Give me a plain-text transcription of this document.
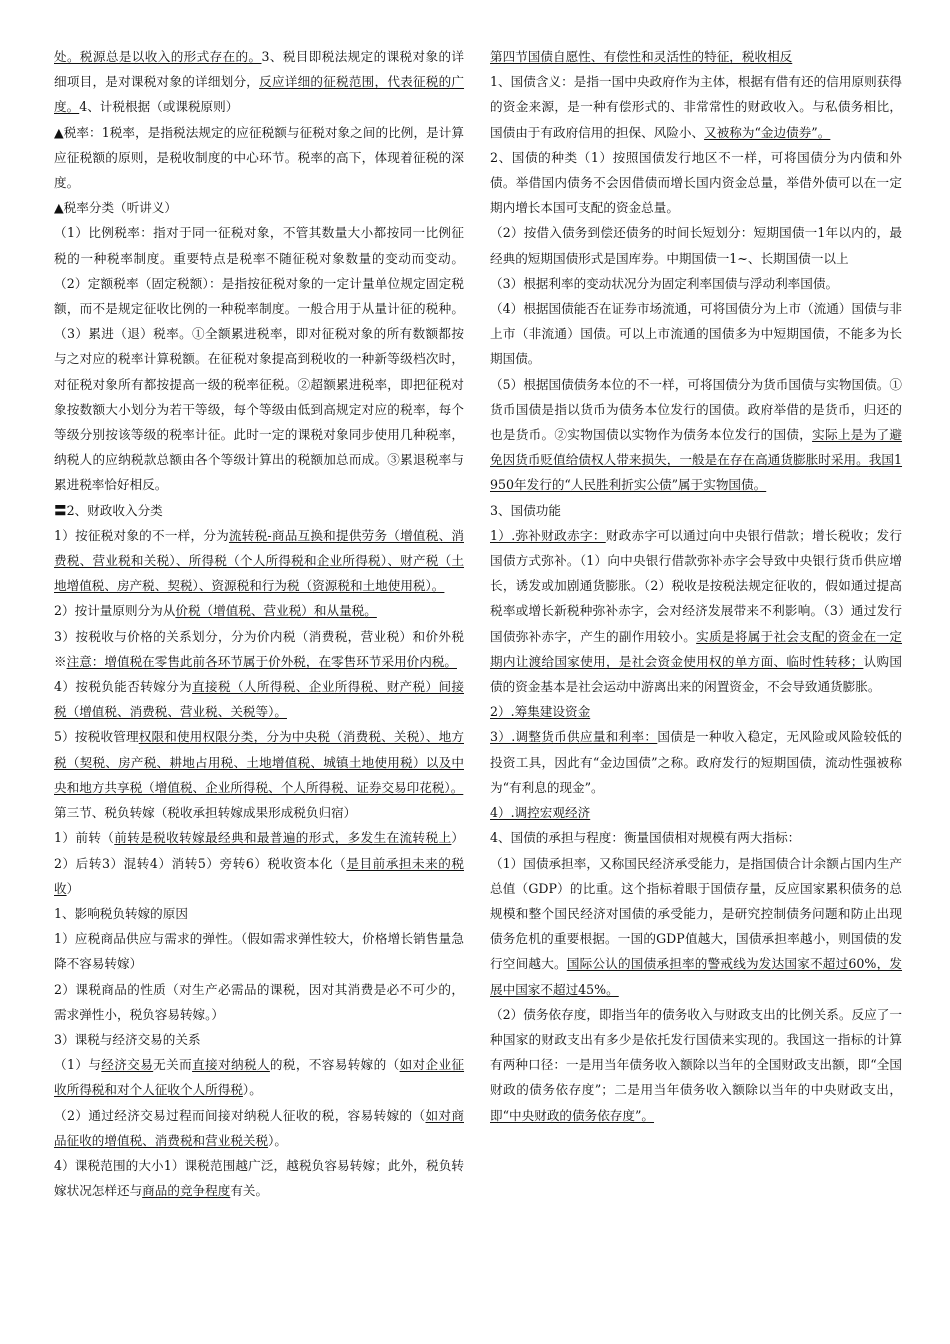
处。税源总是以收入的形式存在的。3、税目即税法规定的课税对象的详细项目，是对课税对象的详细划分，反应详细的征税范围，代表征税的广度。4、计税根据（或课税原则）

▲税率：1税率，是指税法规定的应征税额与征税对象之间的比例，是计算应征税额的原则，是税收制度的中心环节。税率的高下，体现着征税的深度。

▲税率分类（听讲义）

（1）比例税率：指对于同一征税对象，不管其数量大小都按同一比例征税的一种税率制度。重要特点是税率不随征税对象数量的变动而变动。（2）定额税率（固定税额）：是指按征税对象的一定计量单位规定固定税额，而不是规定征收比例的一种税率制度。一般合用于从量计征的税种。（3）累进（退）税率。①全额累进税率，即对征税对象的所有数额都按与之对应的税率计算税额。在征税对象提高到税收的一种新等级档次时，对征税对象所有都按提高一级的税率征税。②超额累进税率，即把征税对象按数额大小划分为若干等级，每个等级由低到高规定对应的税率，每个等级分别按该等级的税率计征。此时一定的课税对象同步使用几种税率，纳税人的应纳税款总额由各个等级计算出的税额加总而成。③累退税率与累进税率恰好相反。

〓2、财政收入分类

1）按征税对象的不一样，分为流转税-商品互换和提供劳务（增值税、消费税、营业税和关税）、所得税（个人所得税和企业所得税）、财产税（土地增值税、房产税、契税）、资源税和行为税（资源税和土地使用税）。

2）按计量原则分为从价税（增值税、营业税）和从量税。

3）按税收与价格的关系划分，分为价内税（消费税，营业税）和价外税※注意：增值税在零售此前各环节属于价外税，在零售环节采用价内税。

4）按税负能否转嫁分为直接税（人所得税、企业所得税、财产税）间接税（增值税、消费税、营业税、关税等）。

5）按税收管理权限和使用权限分类，分为中央税（消费税、关税）、地方税（契税、房产税、耕地占用税、土地增值税、城镇土地使用税）以及中央和地方共享税（增值税、企业所得税、个人所得税、证券交易印花税）。

第三节、税负转嫁（税收承担转嫁成果形成税负归宿）

1）前转（前转是税收转嫁最经典和最普遍的形式，多发生在流转税上）2）后转3）混转4）消转5）旁转6）税收资本化（是目前承担未来的税收）

1、影响税负转嫁的原因

1）应税商品供应与需求的弹性。（假如需求弹性较大，价格增长销售量急降不容易转嫁）

2）课税商品的性质（对生产必需品的课税，因对其消费是必不可少的，需求弹性小，税负容易转嫁。）

3）课税与经济交易的关系

（1）与经济交易无关而直接对纳税人的税，不容易转嫁的（如对企业征收所得税和对个人征收个人所得税）。

（2）通过经济交易过程而间接对纳税人征收的税，容易转嫁的（如对商品征收的增值税、消费税和营业税关税）。

4）课税范围的大小1）课税范围越广泛，越税负容易转嫁；此外，税负转嫁状况怎样还与商品的竞争程度有关。

第四节国债自愿性、有偿性和灵活性的特征，税收相反

1、国债含义：是指一国中央政府作为主体，根据有借有还的信用原则获得的资金来源，是一种有偿形式的、非常常性的财政收入。与私债务相比，国债由于有政府信用的担保、风险小、又被称为“金边债券”。

2、国债的种类（1）按照国债发行地区不一样，可将国债分为内债和外债。举借国内债务不会因借债而增长国内资金总量，举借外债可以在一定期内增长本国可支配的资金总量。

（2）按借入债务到偿还债务的时间长短划分：短期国债一1年以内的，最经典的短期国债形式是国库券。中期国债一1~、长期国债一以上

（3）根据利率的变动状况分为固定利率国债与浮动利率国债。

（4）根据国债能否在证券市场流通，可将国债分为上市（流通）国债与非上市（非流通）国债。可以上市流通的国债多为中短期国债，不能多为长期国债。

（5）根据国债债务本位的不一样，可将国债分为货币国债与实物国债。①货币国债是指以货币为债务本位发行的国债。政府举借的是货币，归还的也是货币。②实物国债以实物作为债务本位发行的国债，实际上是为了避免因货币贬值给债权人带来损失，一般是在存在高通货膨胀时采用。我国1950年发行的“人民胜利折实公债”属于实物国债。

3、国债功能

1）.弥补财政赤字：财政赤字可以通过向中央银行借款；增长税收；发行国债方式弥补。（1）向中央银行借款弥补赤字会导致中央银行货币供应增长，诱发或加剧通货膨胀。（2）税收是按税法规定征收的，假如通过提高税率或增长新税种弥补赤字，会对经济发展带来不利影响。（3）通过发行国债弥补赤字，产生的副作用较小。实质是将属于社会支配的资金在一定期内让渡给国家使用，是社会资金使用权的单方面、临时性转移；认购国债的资金基本是社会运动中游离出来的闲置资金，不会导致通货膨胀。

2）.筹集建设资金

3）.调整货币供应量和利率：国债是一种收入稳定，无风险或风险较低的投资工具，因此有“金边国债”之称。政府发行的短期国债，流动性强被称为“有利息的现金”。

4）.调控宏观经济

4、国债的承担与程度：衡量国债相对规模有两大指标：

（1）国债承担率，又称国民经济承受能力，是指国债合计余额占国内生产总值（GDP）的比重。这个指标着眼于国债存量，反应国家累积债务的总规模和整个国民经济对国债的承受能力，是研究控制债务问题和防止出现债务危机的重要根据。一国的GDP值越大，国债承担率越小，则国债的发行空间越大。国际公认的国债承担率的警戒线为发达国家不超过60%，发展中国家不超过45%。

（2）债务依存度，即指当年的债务收入与财政支出的比例关系。反应了一种国家的财政支出有多少是依托发行国债来实现的。我国这一指标的计算有两种口径：一是用当年债务收入额除以当年的全国财政支出额，即“全国财政的债务依存度”；二是用当年债务收入额除以当年的中央财政支出，即“中央财政的债务依存度”。
